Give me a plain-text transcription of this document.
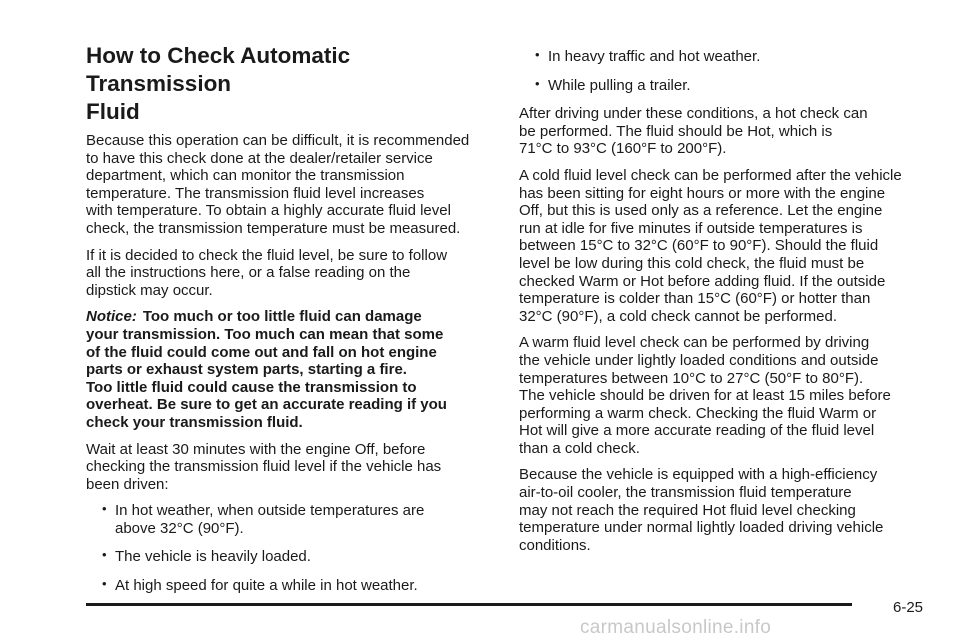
How to Check Automatic Transmission
Fluid

Because this operation can be difficult, it is recommended
to have this check done at the dealer/retailer service
department, which can monitor the transmission
temperature. The transmission fluid level increases
with temperature. To obtain a highly accurate fluid level
check, the transmission temperature must be measured.

If it is decided to check the fluid level, be sure to follow
all the instructions here, or a false reading on the
dipstick may occur.

Notice: Too much or too little fluid can damage
your transmission. Too much can mean that some
of the fluid could come out and fall on hot engine
parts or exhaust system parts, starting a fire.
Too little fluid could cause the transmission to
overheat. Be sure to get an accurate reading if you
check your transmission fluid.

Wait at least 30 minutes with the engine Off, before
checking the transmission fluid level if the vehicle has
been driven:

• In hot weather, when outside temperatures are
above 32°C (90°F).
• The vehicle is heavily loaded.
• At high speed for quite a while in hot weather.
• In heavy traffic and hot weather.
• While pulling a trailer.

After driving under these conditions, a hot check can
be performed. The fluid should be Hot, which is
71°C to 93°C (160°F to 200°F).

A cold fluid level check can be performed after the vehicle
has been sitting for eight hours or more with the engine
Off, but this is used only as a reference. Let the engine
run at idle for five minutes if outside temperatures is
between 15°C to 32°C (60°F to 90°F). Should the fluid
level be low during this cold check, the fluid must be
checked Warm or Hot before adding fluid. If the outside
temperature is colder than 15°C (60°F) or hotter than
32°C (90°F), a cold check cannot be performed.

A warm fluid level check can be performed by driving
the vehicle under lightly loaded conditions and outside
temperatures between 10°C to 27°C (50°F to 80°F).
The vehicle should be driven for at least 15 miles before
performing a warm check. Checking the fluid Warm or
Hot will give a more accurate reading of the fluid level
than a cold check.

Because the vehicle is equipped with a high-efficiency
air-to-oil cooler, the transmission fluid temperature
may not reach the required Hot fluid level checking
temperature under normal lightly loaded driving vehicle
conditions.

6-25
carmanualsonline.info
